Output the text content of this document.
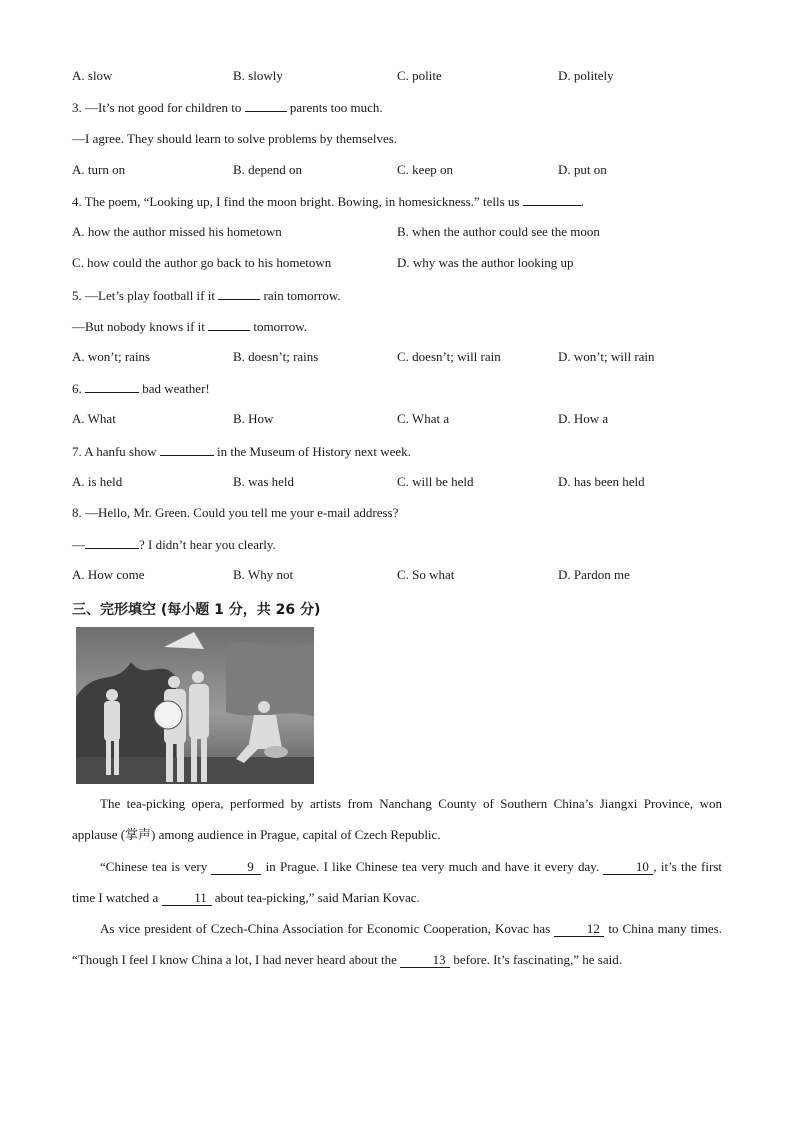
A. slow	B. slowly	C. polite	D. politely
3. —It’s not good for children to	parents too much.
—I agree. They should learn to solve problems by themselves.
A. turn on	B. depend on	C. keep on	D. put on
4. The poem, “Looking up, I find the moon bright. Bowing, in homesickness.” tells us	.
A. how the author missed his hometown	B. when the author could see the moon
C. how could the author go back to his hometown	D. why was the author looking up
5. —Let’s play football if it	rain tomorrow.
—But nobody knows if it	tomorrow.
A. won’t; rains	B. doesn’t; rains	C. doesn’t; will rain	D. won’t; will rain
6.	bad weather!
A. What	B. How	C. What a	D. How a
7. A hanfu show	in the Museum of History next week.
A. is held	B. was held	C. will be held	D. has been held
8. —Hello, Mr. Green. Could you tell me your e-mail address?
—	? I didn’t hear you clearly.
A. How come	B. Why not	C. So what	D. Pardon me
三、完形填空 (每小题 1 分，共 26 分)
The tea-picking opera, performed by artists from Nanchang County of Southern China’s Jiangxi Province, won applause (掌声) among audience in Prague, capital of Czech Republic.
“Chinese tea is very	9 in Prague. I like Chinese tea very much and have it every day.	10 , it’s the first time I watched a	11 about tea-picking,” said Marian Kovac.
As vice president of Czech-China Association for Economic Cooperation, Kovac has	12 to China many times. “Though I feel I know China a lot, I had never heard about the	13 before. It’s fascinating,” he said.
